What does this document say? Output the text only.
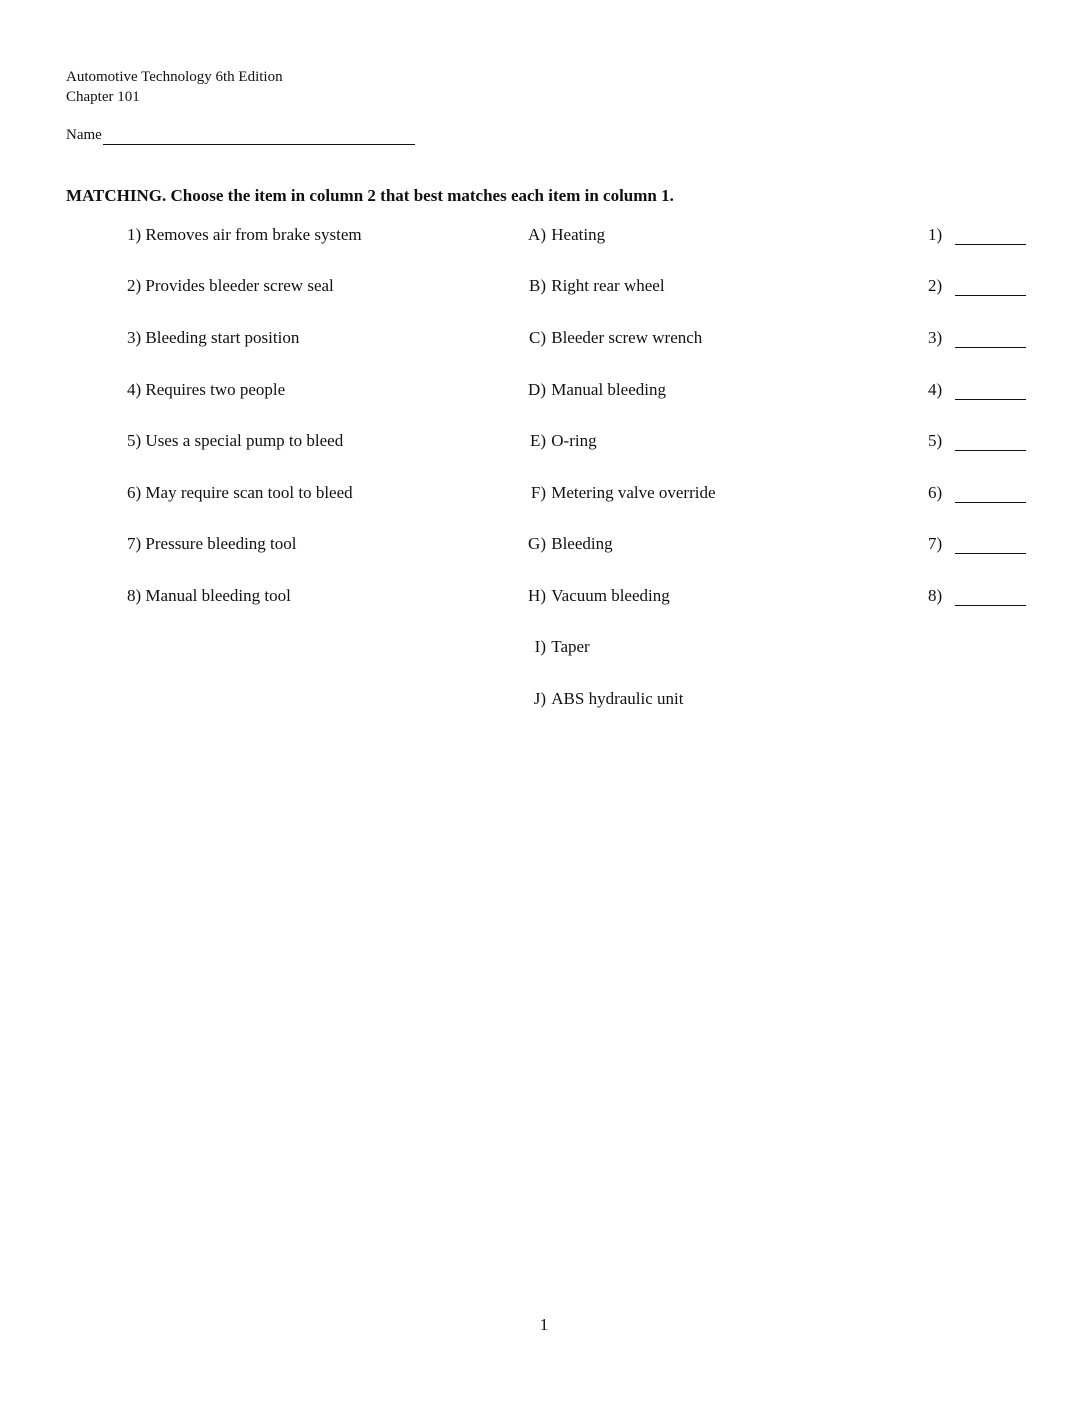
Automotive Technology 6th Edition
Chapter 101
Name
MATCHING. Choose the item in column 2 that best matches each item in column 1.
1) Removes air from brake system	A) Heating	1)
2) Provides bleeder screw seal	B) Right rear wheel	2)
3) Bleeding start position	C) Bleeder screw wrench	3)
4) Requires two people	D) Manual bleeding	4)
5) Uses a special pump to bleed	E) O-ring	5)
6) May require scan tool to bleed	F) Metering valve override	6)
7) Pressure bleeding tool	G) Bleeding	7)
8) Manual bleeding tool	H) Vacuum bleeding	8)
I) Taper
J) ABS hydraulic unit
1
